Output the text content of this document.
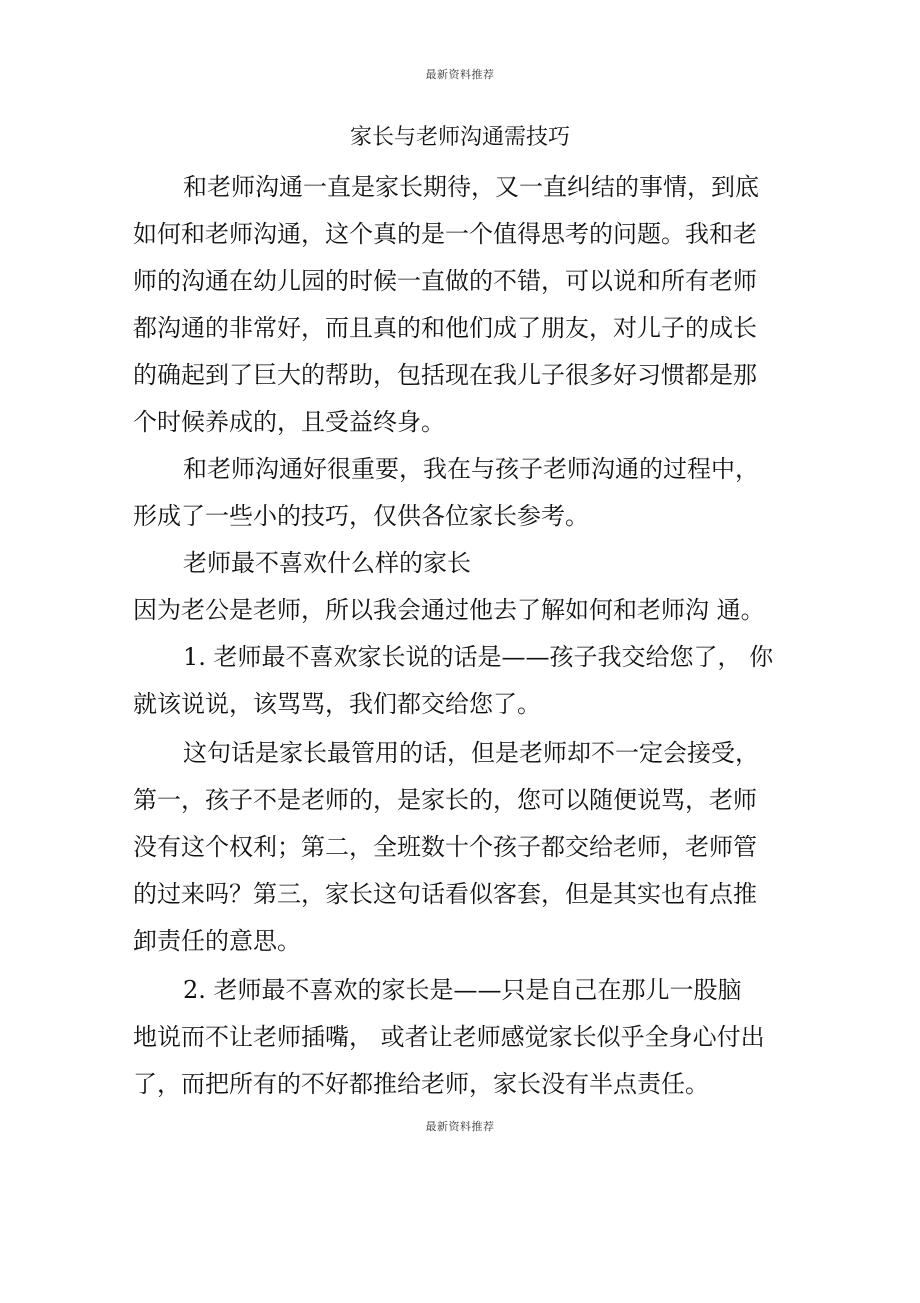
最新资料推荐
家长与老师沟通需技巧
和老师沟通一直是家长期待，又一直纠结的事情，到底
如何和老师沟通，这个真的是一个值得思考的问题。我和老
师的沟通在幼儿园的时候一直做的不错，可以说和所有老师
都沟通的非常好，而且真的和他们成了朋友，对儿子的成长
的确起到了巨大的帮助，包括现在我儿子很多好习惯都是那
个时候养成的，且受益终身。
和老师沟通好很重要，我在与孩子老师沟通的过程中，
形成了一些小的技巧，仅供各位家长参考。
老师最不喜欢什么样的家长
因为老公是老师，所以我会通过他去了解如何和老师沟 通。
1. 老师最不喜欢家长说的话是——孩子我交给您了， 你
就该说说，该骂骂，我们都交给您了。
这句话是家长最管用的话，但是老师却不一定会接受，
第一，孩子不是老师的，是家长的，您可以随便说骂，老师
没有这个权利；第二，全班数十个孩子都交给老师，老师管
的过来吗？第三，家长这句话看似客套，但是其实也有点推
卸责任的意思。
2. 老师最不喜欢的家长是——只是自己在那儿一股脑
地说而不让老师插嘴， 或者让老师感觉家长似乎全身心付出
了，而把所有的不好都推给老师，家长没有半点责任。
最新资料推荐
